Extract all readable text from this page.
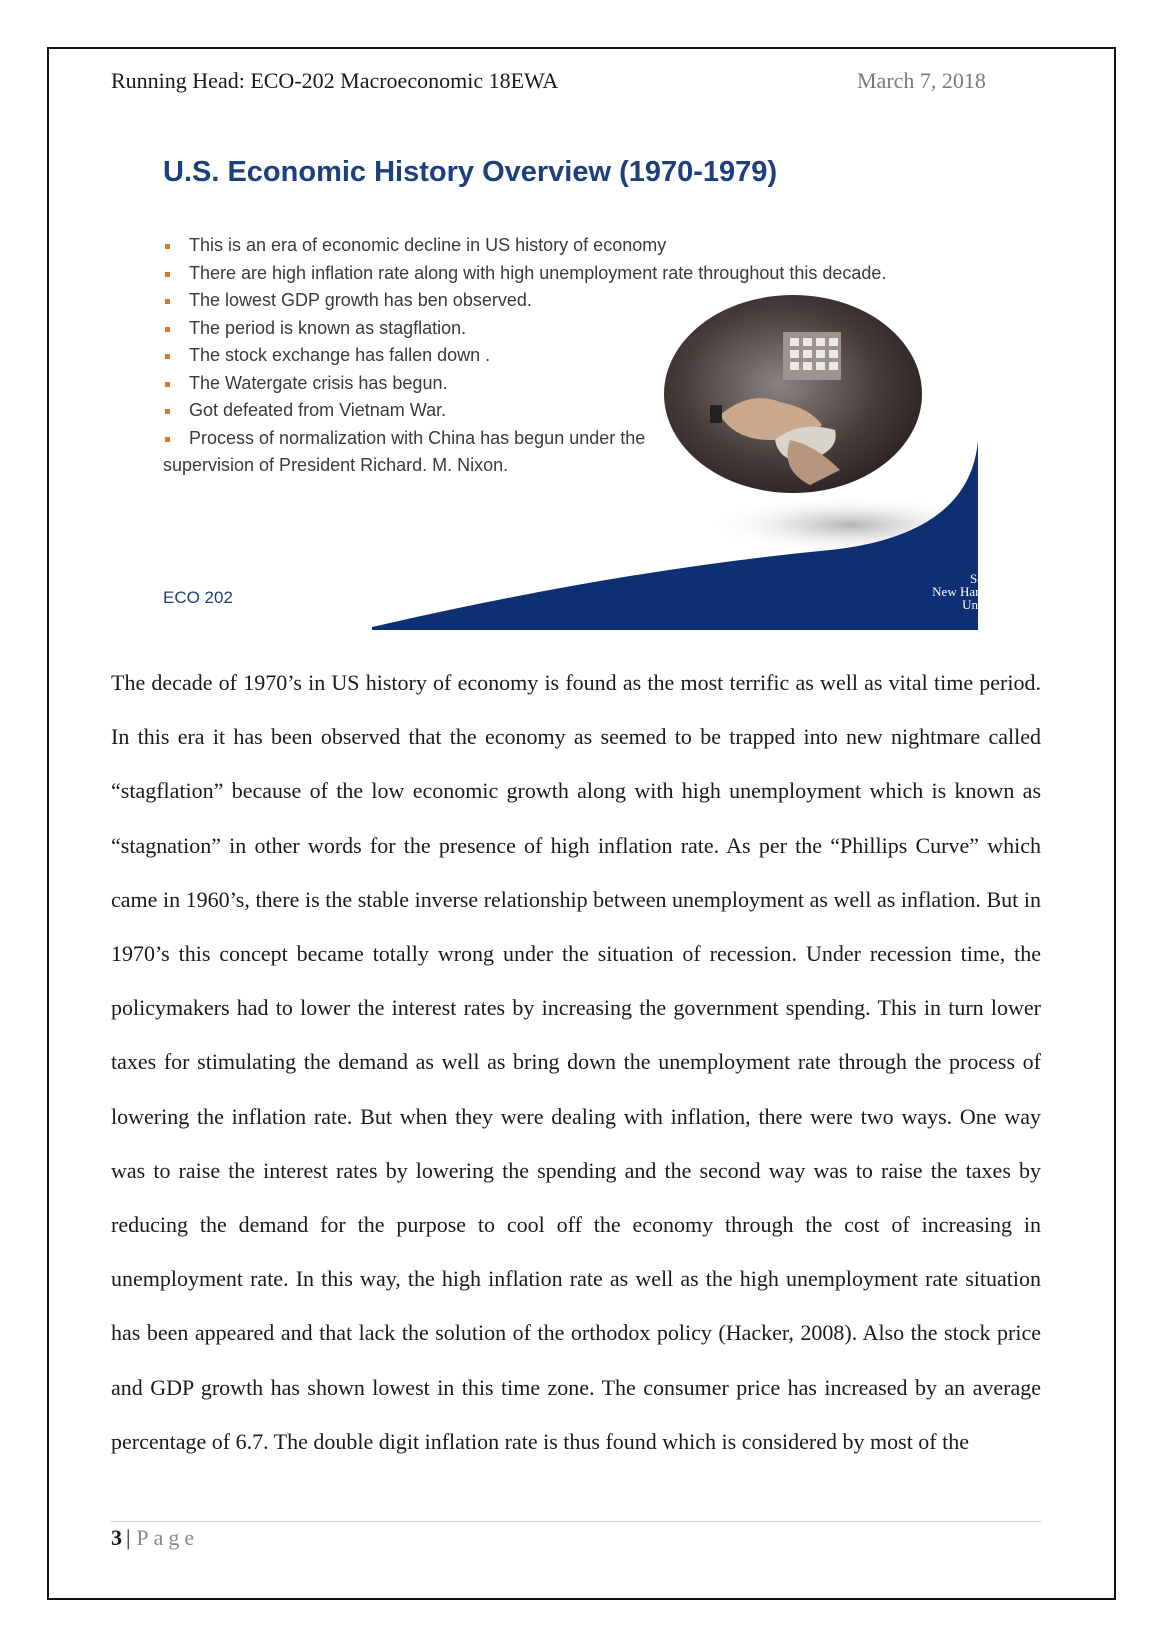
Running Head: ECO-202 Macroeconomic 18EWA	March 7, 2018
U.S. Economic History Overview (1970-1979)
This is an era of economic decline in US history of economy
There are high inflation rate along with high unemployment rate throughout this decade.
The lowest GDP growth has ben observed.
The period is known as stagflation.
The stock exchange has fallen down .
The Watergate crisis has begun.
Got defeated from Vietnam War.
Process of normalization with China has begun under the
supervision of President Richard. M. Nixon.
ECO 202
Southern
New Hampshire
University

The decade of 1970’s in US history of economy is found as the most terrific as well as vital time period. In this era it has been observed that the economy as seemed to be trapped into new nightmare called “stagflation” because of the low economic growth along with high unemployment which is known as “stagnation” in other words for the presence of high inflation rate. As per the “Phillips Curve” which came in 1960’s, there is the stable inverse relationship between unemployment as well as inflation. But in 1970’s this concept became totally wrong under the situation of recession. Under recession time, the policymakers had to lower the interest rates by increasing the government spending. This in turn lower taxes for stimulating the demand as well as bring down the unemployment rate through the process of lowering the inflation rate. But when they were dealing with inflation, there were two ways. One way was to raise the interest rates by lowering the spending and the second way was to raise the taxes by reducing the demand for the purpose to cool off the economy through the cost of increasing in unemployment rate. In this way, the high inflation rate as well as the high unemployment rate situation has been appeared and that lack the solution of the orthodox policy (Hacker, 2008). Also the stock price and GDP growth has shown lowest in this time zone. The consumer price has increased by an average percentage of 6.7. The double digit inflation rate is thus found which is considered by most of the

3 | Page
